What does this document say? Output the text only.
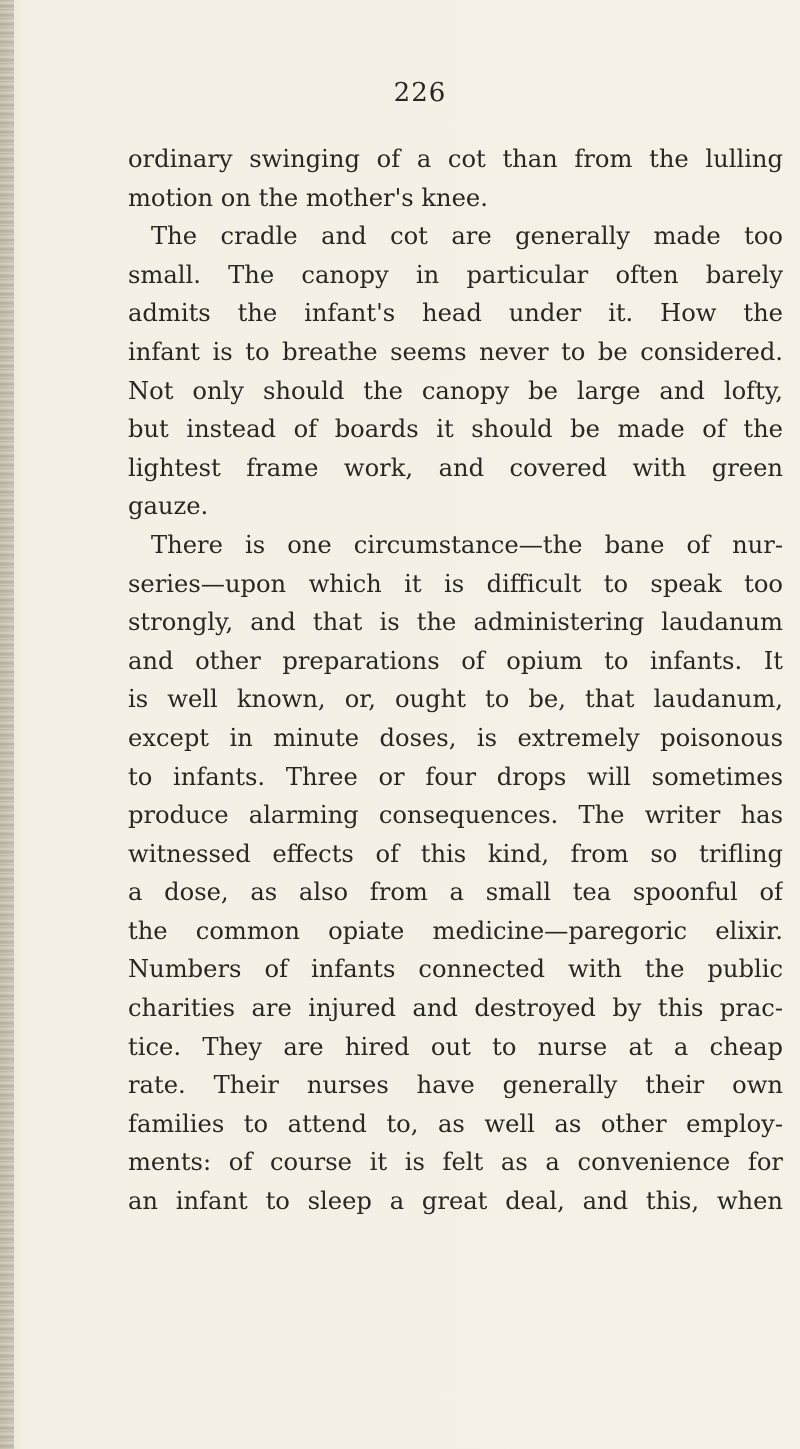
226
ordinary swinging of a cot than from the lulling
motion on the mother's knee.
The cradle and cot are generally made too
small. The canopy in particular often barely
admits the infant's head under it. How the
infant is to breathe seems never to be considered.
Not only should the canopy be large and lofty,
but instead of boards it should be made of the
lightest frame work, and covered with green
gauze.
There is one circumstance—the bane of nur-
series—upon which it is difficult to speak too
strongly, and that is the administering laudanum
and other preparations of opium to infants. It
is well known, or, ought to be, that laudanum,
except in minute doses, is extremely poisonous
to infants. Three or four drops will sometimes
produce alarming consequences. The writer has
witnessed effects of this kind, from so trifling
a dose, as also from a small tea spoonful of
the common opiate medicine—paregoric elixir.
Numbers of infants connected with the public
charities are injured and destroyed by this prac-
tice. They are hired out to nurse at a cheap
rate. Their nurses have generally their own
families to attend to, as well as other employ-
ments: of course it is felt as a convenience for
an infant to sleep a great deal, and this, when
